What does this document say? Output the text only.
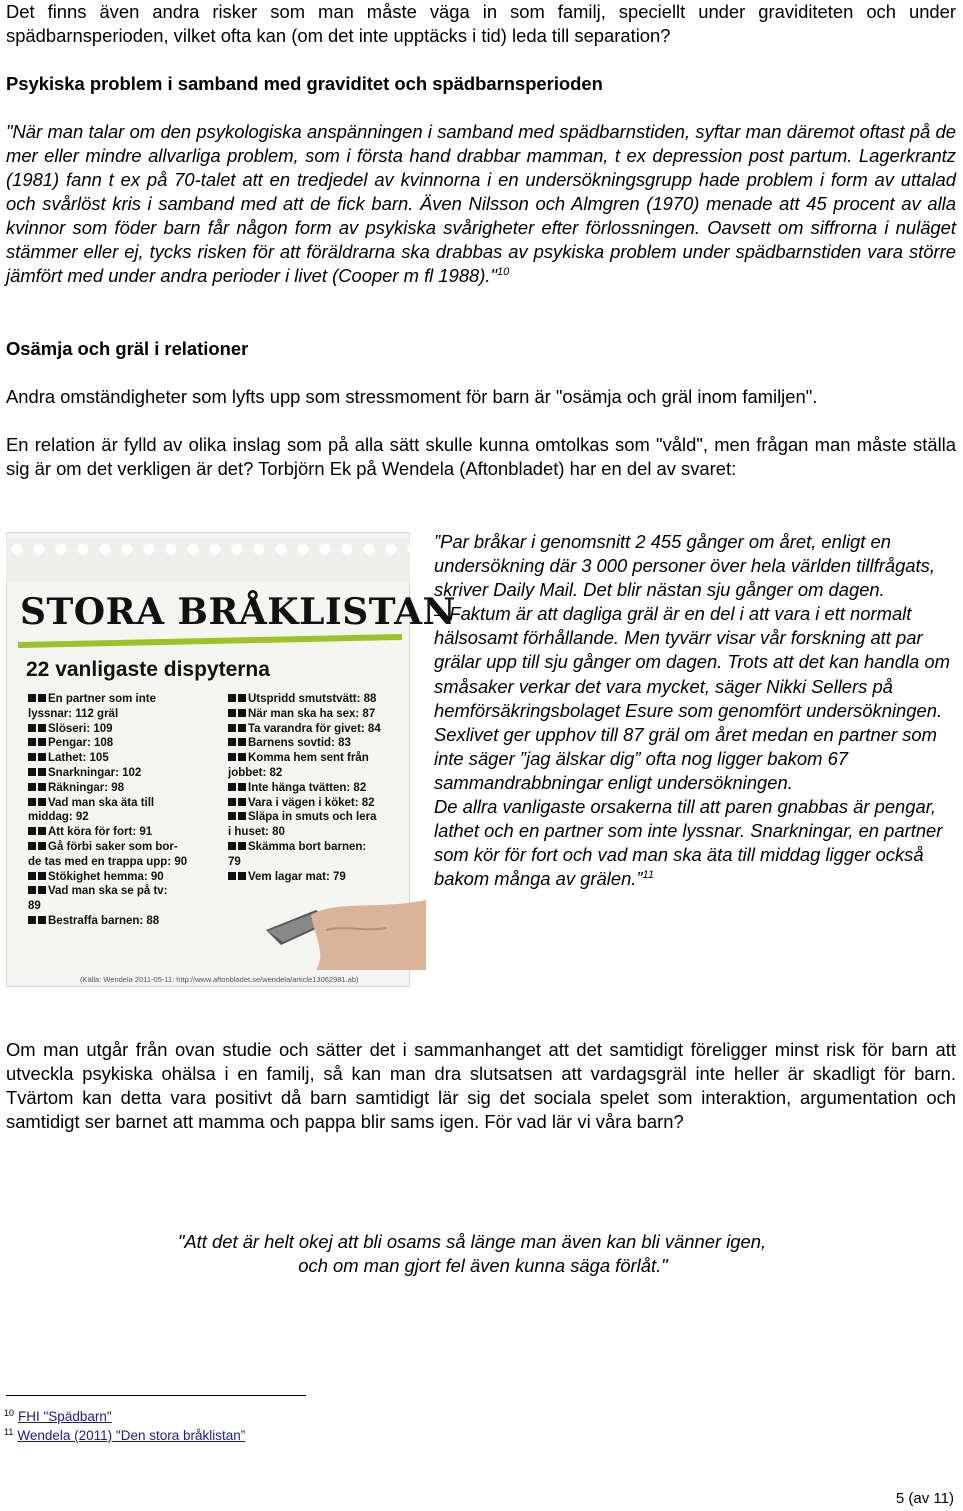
Det finns även andra risker som man måste väga in som familj, speciellt under graviditeten och under spädbarnsperioden, vilket ofta kan (om det inte upptäcks i tid) leda till separation?

Psykiska problem i samband med graviditet och spädbarnsperioden

"När man talar om den psykologiska anspänningen i samband med spädbarnstiden, syftar man däremot oftast på de mer eller mindre allvarliga problem, som i första hand drabbar mamman, t ex depression post partum. Lagerkrantz (1981) fann t ex på 70-talet att en tredjedel av kvinnorna i en undersökningsgrupp hade problem i form av uttalad och svårlöst kris i samband med att de fick barn. Även Nilsson och Almgren (1970) menade att 45 procent av alla kvinnor som föder barn får någon form av psykiska svårigheter efter förlossningen. Oavsett om siffrorna i nuläget stämmer eller ej, tycks risken för att föräldrarna ska drabbas av psykiska problem under spädbarnstiden vara större jämfört med under andra perioder i livet (Cooper m fl 1988)."$^{10}$

Osämja och gräl i relationer

Andra omständigheter som lyfts upp som stressmoment för barn är "osämja och gräl inom familjen".

En relation är fylld av olika inslag som på alla sätt skulle kunna omtolkas som "våld", men frågan man måste ställa sig är om det verkligen är det? Torbjörn Ek på Wendela (Aftonbladet) har en del av svaret:

STORA BRÅKLISTAN
22 vanligaste dispyterna
En partner som inte
lyssnar: 112 gräl
Slöseri: 109
Pengar: 108
Lathet: 105
Snarkningar: 102
Räkningar: 98
Vad man ska äta till
middag: 92
Att köra för fort: 91
Gå förbi saker som bor-
de tas med en trappa upp: 90
Stökighet hemma: 90
Vad man ska se på tv:
89
Bestraffa barnen: 88
Utspridd smutstvätt: 88
När man ska ha sex: 87
Ta varandra för givet: 84
Barnens sovtid: 83
Komma hem sent från
jobbet: 82
Inte hänga tvätten: 82
Vara i vägen i köket: 82
Släpa in smuts och lera
i huset: 80
Skämma bort barnen:
79
Vem lagar mat: 79
(Källa: Wendela 2011-05-11: http://www.aftonbladet.se/wendela/article13062981.ab)

”Par bråkar i genomsnitt 2 455 gånger om året, enligt en undersökning där 3 000 personer över hela världen tillfrågats, skriver Daily Mail. Det blir nästan sju gånger om dagen.

– Faktum är att dagliga gräl är en del i att vara i ett normalt hälsosamt förhållande. Men tyvärr visar vår forskning att par grälar upp till sju gånger om dagen. Trots att det kan handla om småsaker verkar det vara mycket, säger Nikki Sellers på hemförsäkringsbolaget Esure som genomfört undersökningen.

Sexlivet ger upphov till 87 gräl om året medan en partner som inte säger ”jag älskar dig” ofta nog ligger bakom 67 sammandrabbningar enligt undersökningen.

De allra vanligaste orsakerna till att paren gnabbas är pengar, lathet och en partner som inte lyssnar. Snarkningar, en partner som kör för fort och vad man ska äta till middag ligger också bakom många av grälen.”$^{11}$

Om man utgår från ovan studie och sätter det i sammanhanget att det samtidigt föreligger minst risk för barn att utveckla psykiska ohälsa i en familj, så kan man dra slutsatsen att vardagsgräl inte heller är skadligt för barn. Tvärtom kan detta vara positivt då barn samtidigt lär sig det sociala spelet som interaktion, argumentation och samtidigt ser barnet att mamma och pappa blir sams igen. För vad lär vi våra barn?

"Att det är helt okej att bli osams så länge man även kan bli vänner igen,
och om man gjort fel även kunna säga förlåt."
$^{10}$ FHI "Spädbarn"
$^{11}$ Wendela (2011) "Den stora bråklistan”
5 (av 11)
